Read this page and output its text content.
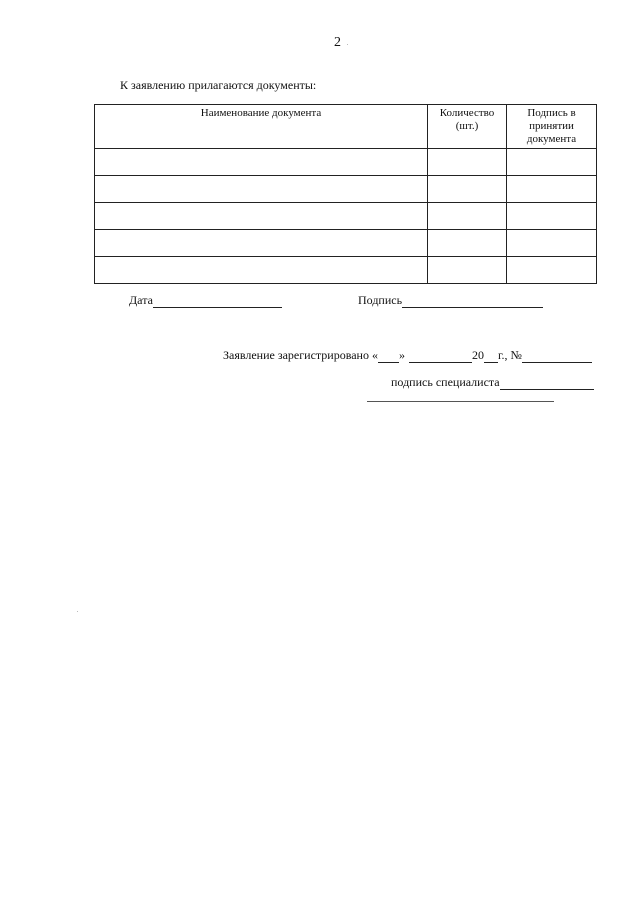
2
К заявлению прилагаются документы:
Наименование документа	Количество (шт.)	Подпись в принятии документа

Дата	Подпись
Заявление зарегистрировано « »	20 г., №
подпись специалиста
